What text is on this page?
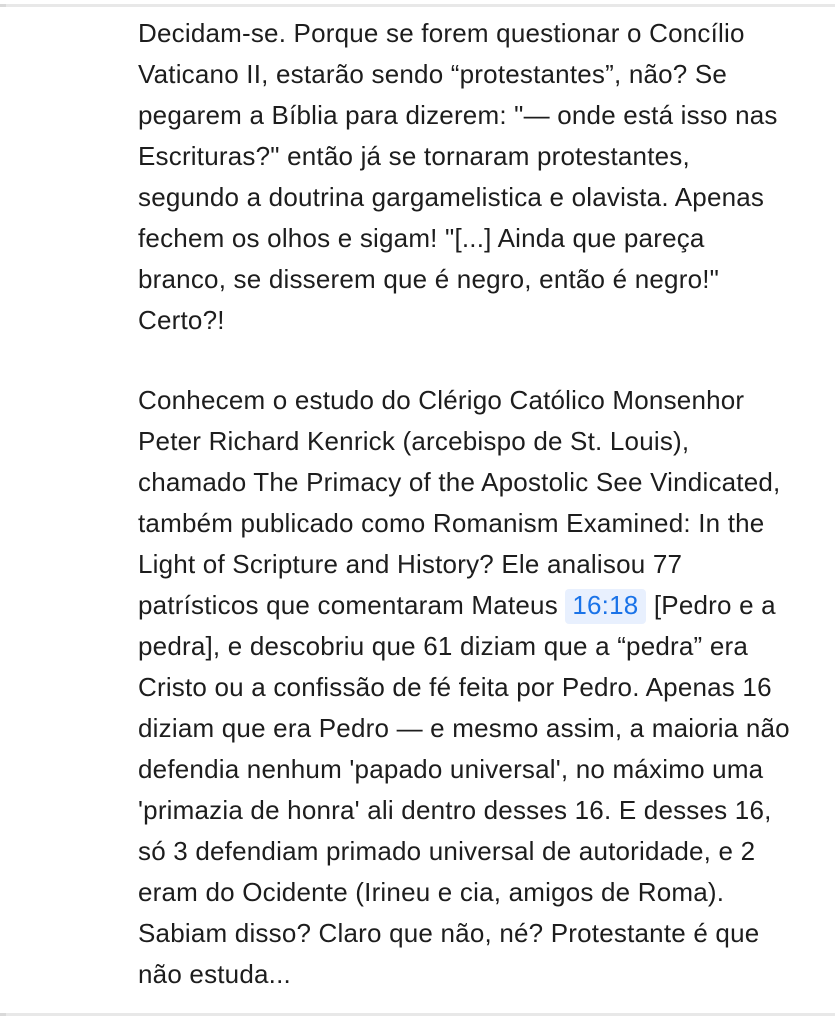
Decidam-se. Porque se forem questionar o Concílio Vaticano II, estarão sendo “protestantes”, não? Se pegarem a Bíblia para dizerem: "— onde está isso nas Escrituras?" então já se tornaram protestantes, segundo a doutrina gargamelistica e olavista. Apenas fechem os olhos e sigam! "[...] Ainda que pareça branco, se disserem que é negro, então é negro!" Certo?!

Conhecem o estudo do Clérigo Católico Monsenhor Peter Richard Kenrick (arcebispo de St. Louis), chamado The Primacy of the Apostolic See Vindicated, também publicado como Romanism Examined: In the Light of Scripture and History? Ele analisou 77 patrísticos que comentaram Mateus 16:18 [Pedro e a pedra], e descobriu que 61 diziam que a “pedra” era Cristo ou a confissão de fé feita por Pedro. Apenas 16 diziam que era Pedro — e mesmo assim, a maioria não defendia nenhum 'papado universal', no máximo uma 'primazia de honra' ali dentro desses 16. E desses 16, só 3 defendiam primado universal de autoridade, e 2 eram do Ocidente (Irineu e cia, amigos de Roma). Sabiam disso? Claro que não, né? Protestante é que não estuda...
